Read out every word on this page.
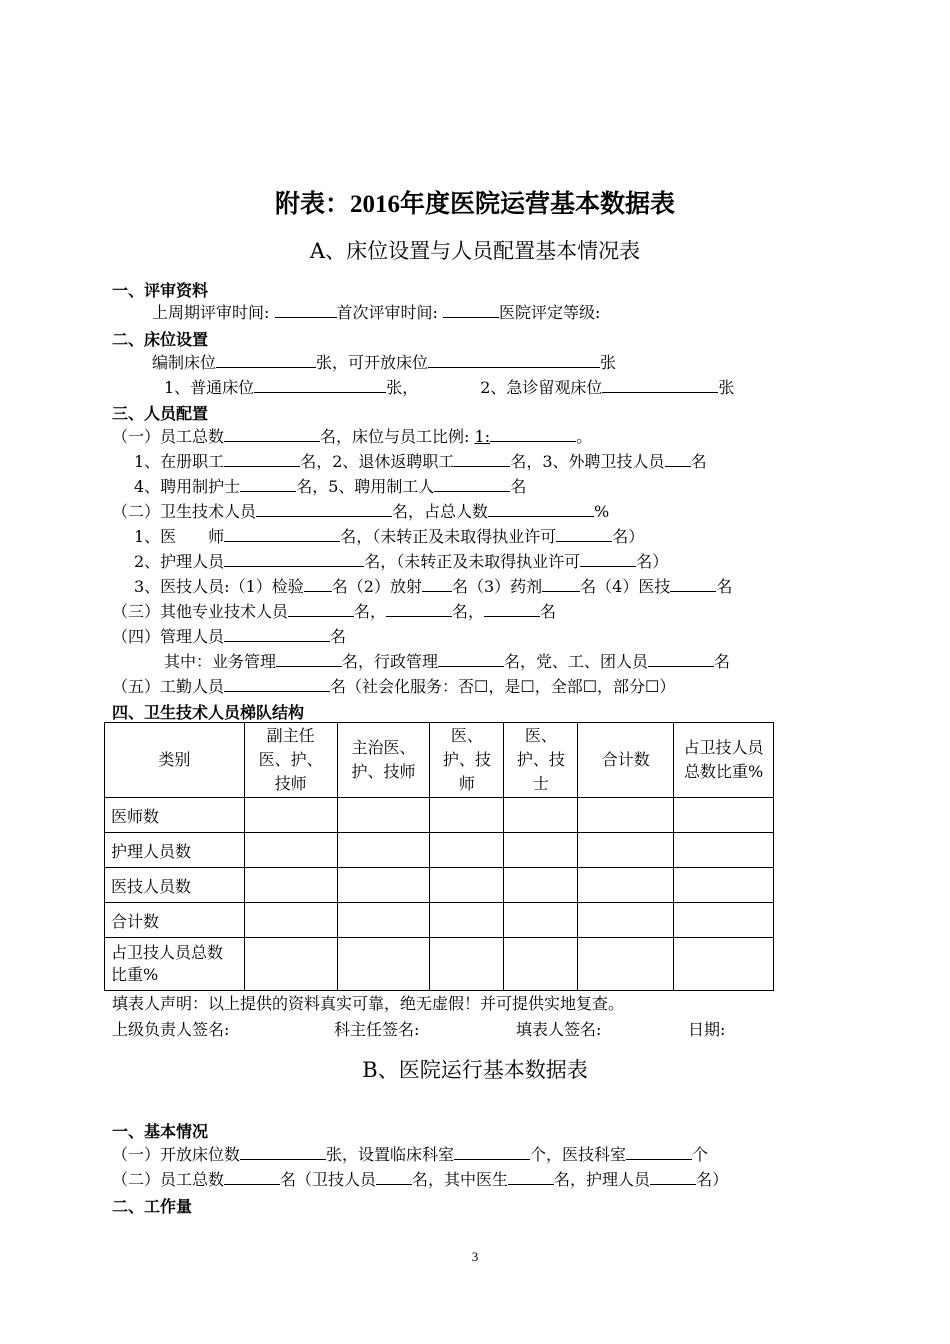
附表：2016年度医院运营基本数据表
A、床位设置与人员配置基本情况表
一、评审资料
上周期评审时间:	首次评审时间:	医院评定等级:
二、床位设置
编制床位	张，可开放床位	张
1、普通床位	张，	2、急诊留观床位	张
三、人员配置
（一）员工总数	名，床位与员工比例: 1:	。
1、在册职工	名，2、退休返聘职工	名，3、外聘卫技人员 名
4、聘用制护士	名，5、聘用制工人	名
（二）卫生技术人员	名，占总人数	%
1、医　　师	名，（未转正及未取得执业许可	名）
2、护理人员	名，（未转正及未取得执业许可	名）
3、医技人员:（1）检验 名（2）放射 名（3）药剂 名（4）医技	名
（三）其他专业技术人员	名，	名，	名
（四）管理人员	名
其中：业务管理	名，行政管理	名，党、工、团人员	名
（五）工勤人员	名（社会化服务：否☐，是☐，全部☐，部分☐）
四、卫生技术人员梯队结构
类别	副主任医、护、技师	主治医、护、技师	医、护、技师	医、护、技士	合计数	占卫技人员总数比重%
医师数						
护理人员数						
医技人员数						
合计数						
占卫技人员总数比重%						
填表人声明：以上提供的资料真实可靠，绝无虚假！并可提供实地复查。
上级负责人签名:	科主任签名:	填表人签名:	日期:
B、医院运行基本数据表
一、基本情况
（一）开放床位数	张，设置临床科室	个，医技科室	个
（二）员工总数	名（卫技人员 名，其中医生	名，护理人员	名）
二、工作量
3
